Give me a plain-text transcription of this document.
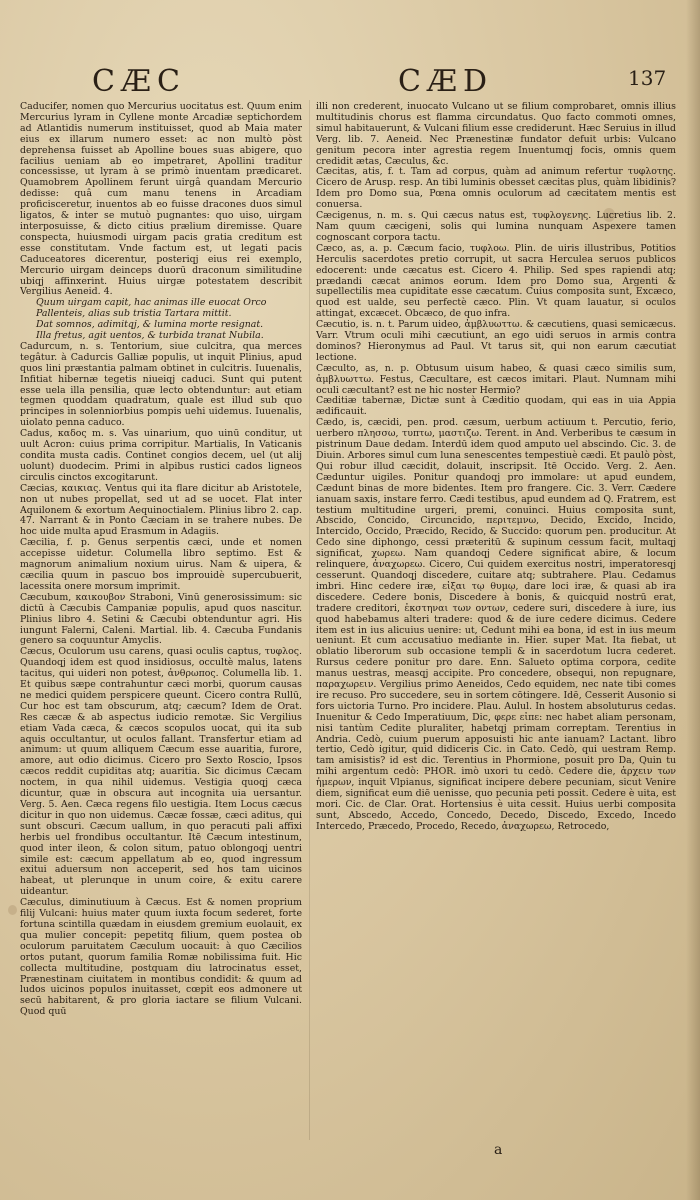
CÆC	CÆD	137

Caducifer, nomen quo Mercurius uocitatus est. Quum enim Mercurius lyram in Cyllene monte Arcadiæ septichordem ad Atlantidis numerum instituisset, quod ab Maia mater eius ex illarum numero esset: ac non multò pòst deprehensa fuisset ab Apolline boues suas abigere, quo facilius ueniam ab eo impetraret, Apollini traditur concessisse, ut lyram à se primò inuentam prædicaret. Quamobrem Apollinem ferunt uirgâ quandam Mercurio dedisse: quâ cum manu tenens in Arcadiam proficisceretur, inuentos ab eo fuisse dracones duos simul ligatos, & inter se mutuò pugnantes: quo uiso, uirgam interposuisse, & dicto citius prælium diremisse. Quare conspecta, huiusmodi uirgam pacis gratia creditum est esse constitutam. Vnde factum est, ut legati pacis Caduceatores dicerentur, posteriqj eius rei exemplo, Mercurio uirgam deinceps duorū draconum similitudine ubiqj affinxerint. Huius uirgæ potestatem describit Vergilius Aeneid. 4.

Quum uirgam capit, hac animas ille euocat Orco

Pallenteis, alias sub tristia Tartara mittit.

Dat somnos, adimitqj, & lumina morte resignat.

Illa fretus, agit uentos, & turbida tranat Nubila.

Cadurcum, n. s. Tentorium, siue culcitra, qua merces tegâtur. à Cadurcis Galliæ populis, ut inquit Plinius, apud quos lini præstantia palmam obtinet in culcitris. Iuuenalis, Infitiat hibernæ tegetis niueiqj caduci. Sunt qui putent esse uela illa pensilia, quæ lecto obtenduntur: aut etiam tegmen quoddam quadratum, quale est illud sub quo principes in solenniorbius pompis uehi uidemus. Iuuenalis, uiolato penna caduco.

Cadus, καδος m. s. Vas uinarium, quo uinū conditur, ut uult Acron: cuius prima corripitur. Martialis, In Vaticanis condita musta cadis. Continet congios decem, uel (ut alij uolunt) duodecim. Primi in alpibus rustici cados ligneos circulis cinctos excogitarunt.

Cæcias, καικιας. Ventus qui ita flare dicitur ab Aristotele, non ut nubes propellat, sed ut ad se uocet. Flat inter Aquilonem & exortum Aequinoctialem. Plinius libro 2. cap. 47. Narrant & in Ponto Cæciam in se trahere nubes. De hoc uide multa apud Erasmum in Adagiis.

Cæcilia, f. p. Genus serpentis cæci, unde et nomen accepisse uidetur. Columella libro septimo. Est & magnorum animalium noxium uirus. Nam & uipera, & cæcilia quum in pascuo bos improuidè supercubuerit, lacessita onere morsum imprimit.

Cæcubum, καικουβον Straboni, Vinū generosissimum: sic dictū à Cæcubis Campaniæ populis, apud quos nascitur. Plinius libro 4. Setini & Cæcubi obtenduntur agri. His iungunt Falerni, Caleni. Martial. lib. 4. Cæcuba Fundanis genero sa coquuntur Amyclis.

Cæcus, Oculorum usu carens, quasi oculis captus, τυφλος. Quandoqj idem est quod insidiosus, occultè malus, latens tacitus, qui uideri non potest, ἀνθρωπος. Columella lib. 1. Et quibus sæpe contrahuntur cæci morbi, quorum causas ne medici quidem perspicere queunt. Cicero contra Rullū, Cur hoc est tam obscurum, atq; cæcum? Idem de Orat. Res cæcæ & ab aspectus iudicio remotæ. Sic Vergilius etiam Vada cæca, & cæcos scopulos uocat, qui ita sub aquis occultantur, ut oculos fallant. Transfertur etiam ad animum: ut quum alliquem Cæcum esse auaritia, furore, amore, aut odio dicimus. Cicero pro Sexto Roscio, Ipsos cæcos reddit cupiditas atq; auaritia. Sic dicimus Cæcam noctem, in qua nihil uidemus. Vestigia quoqj cæca dicuntur, quæ in obscura aut incognita uia uersantur. Verg. 5. Aen. Cæca regens filo uestigia. Item Locus cæcus dicitur in quo non uidemus. Cæcæ fossæ, cæci aditus, qui sunt obscuri. Cæcum uallum, in quo peracuti pali affixi herbis uel frondibus occultantur. Itē Cæcum intestinum, quod inter ileon, & colon situm, patuo oblongoqj uentri simile est: cæcum appellatum ab eo, quod ingressum exitui aduersum non acceperit, sed hos tam uicinos habeat, ut plerunque in unum coire, & exitu carere uideantur.

Cæculus, diminutiuum à Cæcus. Est & nomen proprium filij Vulcani: huius mater quum iuxta focum sederet, forte fortuna scintilla quædam in eiusdem gremium euolauit, ex qua mulier concepit: pepetitq filium, quem postea ob oculorum paruitatem Cæculum uocauit: à quo Cæcilios ortos putant, quorum familia Romæ nobilissima fuit. Hic collecta multitudine, postquam diu latrocinatus esset, Prænestinam ciuitatem in montibus condidit: & quum ad ludos uicinos populos inuitasset, cœpit eos admonere ut secū habitarent, & pro gloria iactare se filium Vulcani. Quod quū

illi non crederent, inuocato Vulcano ut se filium comprobaret, omnis illius multitudinis chorus est flamma circundatus. Quo facto commoti omnes, simul habitauerunt, & Vulcani filium esse crediderunt. Hæc Seruius in illud Verg. lib. 7. Aeneid. Nec Prænestinæ fundator defuit urbis: Vulcano genitum pecora inter agrestia regem Inuentumqj focis, omnis quem credidit ætas, Cæculus, &c.

Cæcitas, atis, f. t. Tam ad corpus, quàm ad animum refertur τυφλοτης. Cicero de Arusp. resp. An tibi luminis obesset cæcitas plus, quàm libidinis? Idem pro Domo sua, Pœna omnis oculorum ad cæcitatem mentis est conuersa.

Cæcigenus, n. m. s. Qui cæcus natus est, τυφλογενης. Lucretius lib. 2. Nam quum cæcigeni, solis qui lumina nunquam Aspexere tamen cognoscant corpora tactu.

Cæco, as, a. p. Cæcum facio, τυφλοω. Plin. de uiris illustribus, Potitios Herculis sacerdotes pretio corrupit, ut sacra Herculea seruos publicos edocerent: unde cæcatus est. Cicero 4. Philip. Sed spes rapiendi atq; prædandi cæcat animos eorum. Idem pro Domo sua, Argenti & supellectilis mea cupiditate esse cæcatum. Cuius composita sunt, Excæco, quod est ualde, seu perfectè cæco. Plin. Vt quam lauatur, si oculos attingat, excæcet. Obcæco, de quo infra.

Cæcutio, is. n. t. Parum uideo, ἀμβλυωττω. & cæcutiens, quasi semicæcus. Varr. Vtrum oculi mihi cæcutiunt, an ego uidi seruos in armis contra dominos? Hieronymus ad Paul. Vt tarus sit, qui non earum cæcutiat lectione.

Cæculto, as, n. p. Obtusum uisum habeo, & quasi cæco similis sum, ἀμβλυωττω. Festus, Cæcultare, est cæcos imitari. Plaut. Numnam mihi oculi cæcultant? est ne hic noster Hermio?

Cæditiæ tabernæ, Dictæ sunt à Cæditio quodam, qui eas in uia Appia ædificauit.

Cædo, is, cæcidi, pen. prod. cæsum, uerbum actiuum t. Percutio, ferio, uerbero πλησσω, τυπτω, μαστιζω. Terent. in And. Verberibus te cæsum in pistrinum Daue dedam. Interdū idem quod amputo uel abscindo. Cic. 3. de Diuin. Arbores simul cum luna senescentes tempestiuè cædi. Et paulò pòst, Qui robur illud cæcidit, dolauit, inscripsit. Itē Occido. Verg. 2. Aen. Cæduntur uigiles. Ponitur quandoqj pro immolare: ut apud eundem, Cædunt binas de more bidentes. Item pro frangere. Cic. 3. Verr. Cædere ianuam saxis, instare ferro. Cædi testibus, apud eundem ad Q. Fratrem, est testium multitudine urgeri, premi, conuinci. Huius composita sunt, Abscido, Concido, Circuncido, περιτεμνω, Decido, Excido, Incido, Intercido, Occido, Præcido, Recido, & Succido: quorum pen. producitur. At Cedo sine diphongo, cessi præteritū & supinum cessum facit, multaqj significat, χωρεω. Nam quandoqj Cedere significat abire, & locum relinquere, ἀναχωρεω. Cicero, Cui quidem exercitus nostri, imperatoresqj cesserunt. Quandoqj discedere, cuitare atq; subtrahere. Plau. Cedamus imbri. Hinc cedere iræ, εἰξαι τῳ θυμῳ, dare loci iræ, & quasi ab ira discedere. Cedere bonis, Discedere à bonis, & quicquid nostrū erat, tradere creditori, ἐκστηναι των οντων, cedere suri, discedere à iure, ius quod habebamus alteri tradere: quod & de iure cedere dicimus. Cedere item est in ius alicuius uenire: ut, Cedunt mihi ea bona, id est in ius meum ueniunt. Et cum accusatiuo mediante in. Hier. super Mat. Ita fiebat, ut oblatio liberorum sub occasione templi & in sacerdotum lucra cederet. Rursus cedere ponitur pro dare. Enn. Salueto optima corpora, cedite manus uestras, measqj accipite. Pro concedere, obsequi, non repugnare, παραχωρειν. Vergilius primo Aeneidos, Cedo equidem, nec nate tibi comes ire recuso. Pro succedere, seu in sortem cōtingere. Idē, Cesserit Ausonio si fors uictoria Turno. Pro incidere. Plau. Aulul. In hostem absoluturus cedas. Inuenitur & Cedo Imperatiuum, Dic, φερε εἰπε: nec habet aliam personam, nisi tantùm Cedite pluraliter, habetqj primam correptam. Terentius in Andria. Cedò, cuium puerum apposuisti hic ante ianuam? Lactant. libro tertio, Cedò igitur, quid didiceris Cic. in Cato. Cedò, qui uestram Remp. tam amisistis? id est dic. Terentius in Phormione, posuit pro Da, Quin tu mihi argentum cedò: PHOR. imò uxori tu cedò. Cedere die, ἀρχειν των ἡμερων, inquit Vlpianus, significat incipere debere pecuniam, sicut Venire diem, significat eum diē uenisse, quo pecunia peti possit. Cedere è uita, est mori. Cic. de Clar. Orat. Hortensius è uita cessit. Huius uerbi composita sunt, Abscedo, Accedo, Concedo, Decedo, Discedo, Excedo, Incedo Intercedo, Præcedo, Procedo, Recedo, ἀναχωρεω, Retrocedo,

a
